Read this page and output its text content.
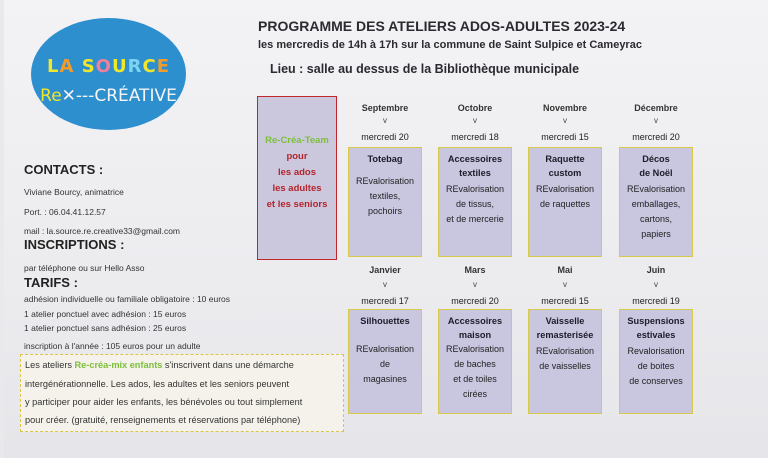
LA SOURCE
Re✕---CRÉATIVE
PROGRAMME DES ATELIERS ADOS-ADULTES 2023-24
les mercredis de 14h à 17h sur la commune de Saint Sulpice et Cameyrac
Lieu : salle au dessus de la Bibliothèque municipale
CONTACTS :
Viviane Bourcy, animatrice
Port. : 06.04.41.12.57
mail : la.source.re.creative33@gmail.com
INSCRIPTIONS :
par téléphone ou sur Hello Asso
TARIFS :
adhésion individuelle ou familiale obligatoire : 10 euros
1 atelier ponctuel avec adhésion : 15 euros
1 atelier ponctuel sans adhésion : 25 euros
inscription à l'année : 105 euros pour un adulte

Les ateliers Re-créa-mix enfants s'inscrivent dans une démarche

intergénérationnelle. Les ados, les adultes et les seniors peuvent

y participer pour aider les enfants, les bénévoles ou tout simplement

pour créer. (gratuité, renseignements et réservations par téléphone)

Re-Créa-Team
pour
les ados
les adultes
et les seniors
Septembre
v
mercredi 20
Totebag
REvalorisation
textiles,
pochoirs
Octobre
v
mercredi 18
Accessoires
textiles
REvalorisation
de tissus,
et de mercerie
Novembre
v
mercredi 15
Raquette
custom
REvalorisation
de raquettes
Décembre
v
mercredi 20
Décos
de Noël
REvalorisation
emballages,
cartons,
papiers
Janvier
v
mercredi 17
Silhouettes
REvalorisation
de
magasines
Mars
v
mercredi 20
Accessoires
maison
REvalorisation
de baches
et de toiles
cirées
Mai
v
mercredi 15
Vaisselle
remasterisée
REvalorisation
de vaisselles
Juin
v
mercredi 19
Suspensions
estivales
Revalorisation
de boites
de conserves
